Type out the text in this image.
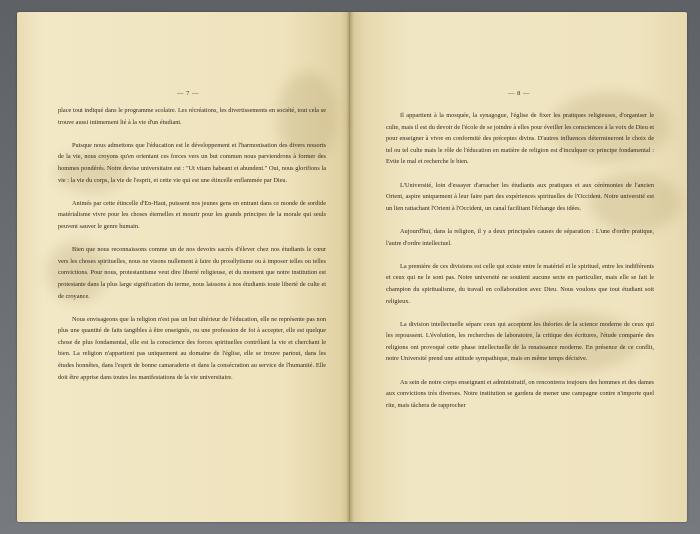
— 7 —

place tout indiqué dans le programme scolaire. Les récréations, les divertissements en société, tout cela se trouve aussi intimement lié à la vie d'un étudiant.

Puisque nous admettons que l'éducation est le développement et l'harmonisation des divers ressorts de la vie, nous croyons qu'en orientant ces forces vers un but commun nous parviendrons à former des hommes pondérés. Notre devise universitaire est : "Ut vitam habeant et abundent." Oui, nous glorifions la vie : la vie du corps, la vie de l'esprit, et cette vie qui est une étincelle enflammée par Dieu.

Animés par cette étincelle d'En-Haut, puissent nos jeunes gens en entrant dans ce monde de sordide matérialisme vivre pour les choses éternelles et mourir pour les grands principes de la morale qui seuls peuvent sauver le genre humain.

Bien que nous reconnaissons comme un de nos devoirs sacrés d'élever chez nos étudiants le cœur vers les choses spirituelles, nous ne visons nullement à faire du prosélytisme ou à imposer telles ou telles convictions. Pour nous, protestantisme veut dire liberté religieuse, et du moment que notre institution est protestante dans la plus large signification du terme, nous laissons à nos étudiants toute liberté de culte et de croyance.

Nous envisageons que la religion n'est pas un but ultérieur de l'éducation, elle ne représente pas non plus une quantité de faits tangibles à être enseignés, ou une profession de foi à accepter, elle est quelque chose de plus fondamental, elle est la conscience des forces spirituelles contrôlant la vie et cherchant le bien. La religion n'appartient pas uniquement au domaine de l'église, elle se trouve partout, dans les études honnêtes, dans l'esprit de bonne camaraderie et dans la consécration au service de l'humanité. Elle doit être apprise dans toutes les manifestations de la vie universitaire.

— 8 —

Il appartient à la mosquée, la synagogue, l'église de fixer les pratiques religieuses, d'organiser le culte, mais il est du devoir de l'école de se joindre à elles pour éveiller les consciences à la voix de Dieu et pour enseigner à vivre en conformité des préceptes divins. D'autres influences détermineront le choix de tel ou tel culte mais le rôle de l'éducation en matière de religion est d'inculquer ce principe fondamental : Evite le mal et recherche le bien.

L'Université, loin d'essayer d'arracher les étudiants aux pratiques et aux cérémonies de l'ancien Orient, aspire uniquement à leur faire part des expériences spirituelles de l'Occident. Notre université est un lien rattachant l'Orient à l'Occident, un canal facilitant l'échange des idées.

Aujourd'hui, dans la religion, il y a deux principales causes de séparation : L'une d'ordre pratique, l'autre d'ordre intellectuel.

La première de ces divisions est celle qui existe entre le matériel et le spirituel, entre les indifférents et ceux qui ne le sont pas. Notre université ne soutient aucune secte en particulier, mais elle se fait le champion du spiritualisme, du travail en collaboration avec Dieu. Nous voulons que tout étudiant soit religieux.

La division intellectuelle sépare ceux qui acceptent les théories de la science moderne de ceux qui les repoussent. L'évolution, les recherches de laboratoire, la critique des écritures, l'étude comparée des religions ont provoqué cette phase intellectuelle de la renaissance moderne. En présence de ce conflit, notre Université prend une attitude sympathique, mais en même temps décisive.

Au sein de notre corps enseignant et administratif, on rencontrera toujours des hommes et des dames aux convictions très diverses. Notre institution se gardera de mener une campagne contre n'importe quel rite, mais tâchera de rapprocher
